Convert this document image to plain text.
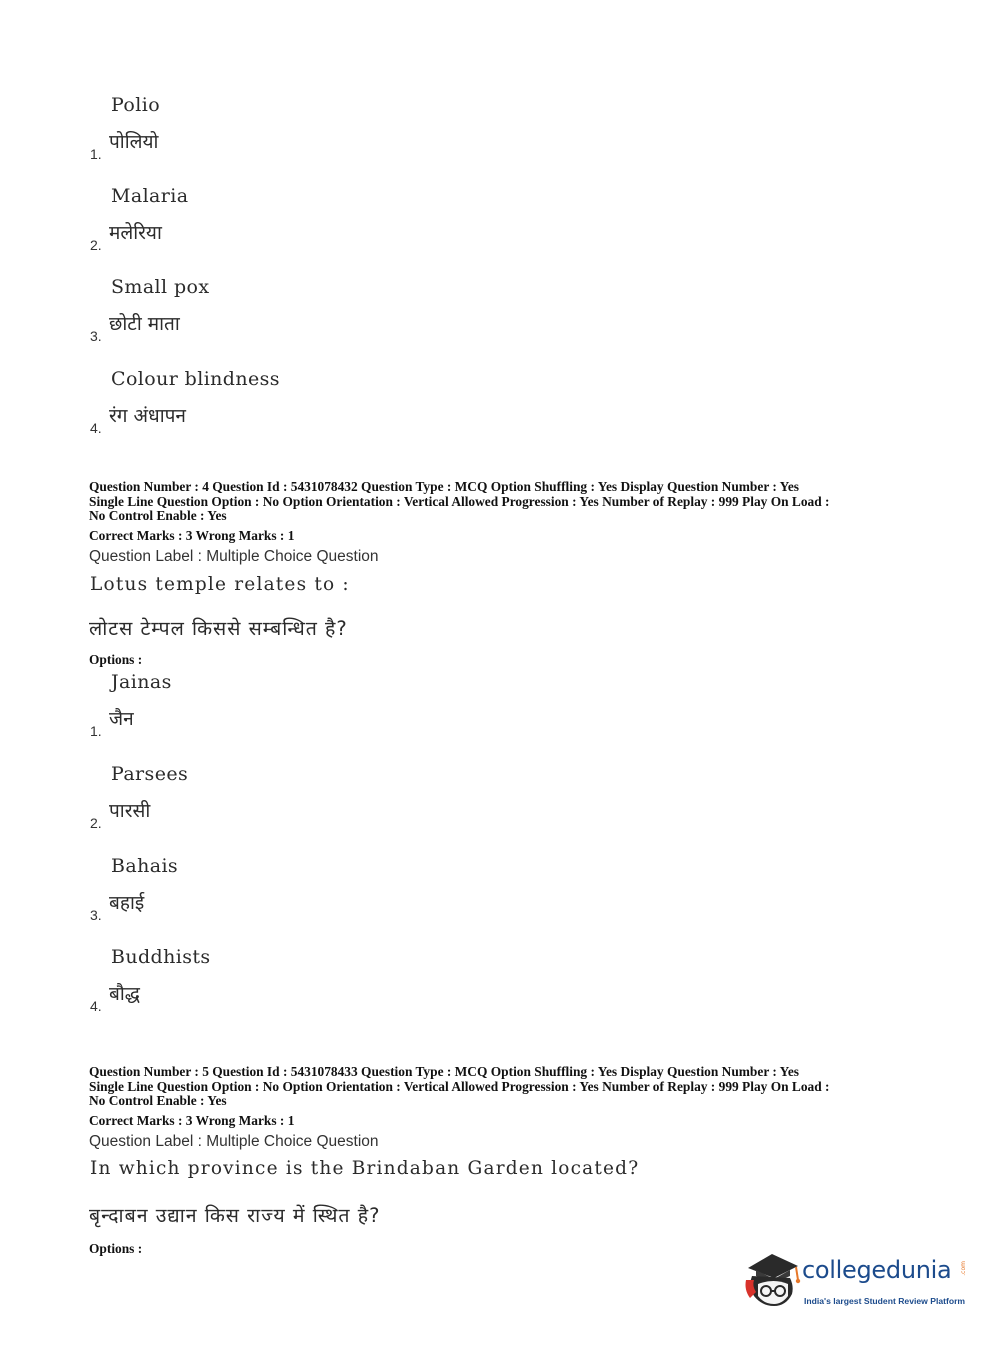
Polio
पोलियो
1.
Malaria
मलेरिया
2.
Small pox
छोटी माता
3.
Colour blindness
रंग अंधापन
4.
Question Number : 4 Question Id : 5431078432 Question Type : MCQ Option Shuffling : Yes Display Question Number : Yes
Single Line Question Option : No Option Orientation : Vertical Allowed Progression : Yes Number of Replay : 999 Play On Load :
No Control Enable : Yes
Correct Marks : 3 Wrong Marks : 1
Question Label : Multiple Choice Question
Lotus temple relates to :
लोटस टेम्पल किससे सम्बन्धित है?
Options :
Jainas
जैन
1.
Parsees
पारसी
2.
Bahais
बहाई
3.
Buddhists
बौद्ध
4.
Question Number : 5 Question Id : 5431078433 Question Type : MCQ Option Shuffling : Yes Display Question Number : Yes
Single Line Question Option : No Option Orientation : Vertical Allowed Progression : Yes Number of Replay : 999 Play On Load :
No Control Enable : Yes
Correct Marks : 3 Wrong Marks : 1
Question Label : Multiple Choice Question
In which province is the Brindaban Garden located?
बृन्दाबन उद्यान किस राज्य में स्थित है?
Options :
collegedunia .com
India's largest Student Review Platform
